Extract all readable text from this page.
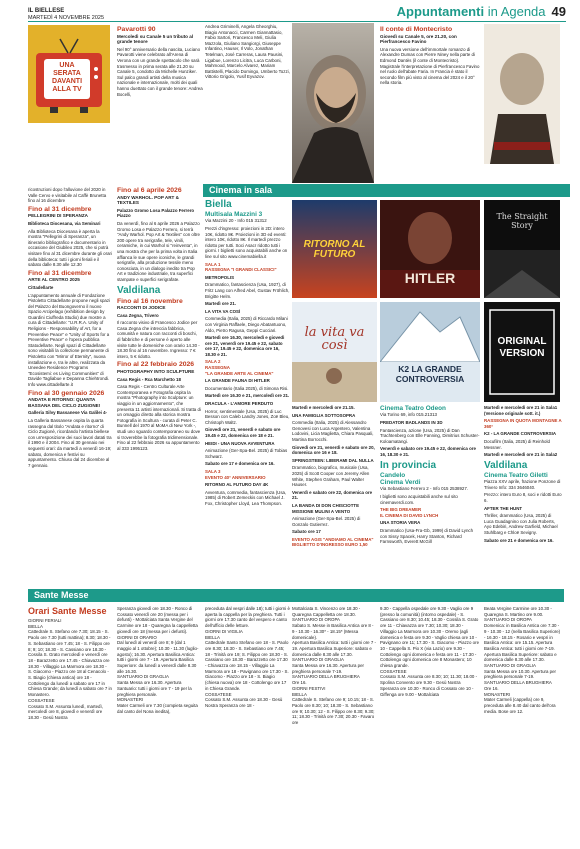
IL BIELLESE
MARTEDÌ 4 NOVEMBRE 2025	Appuntamenti in Agenda 49
UNA SERATA DAVANTI ALLA TV
Pavarotti 90

Mercoledì su Canale 5 un tributo al grande tenore

Nel 90° anniversario della nascita, Luciano Pavarotti viene celebrato all'Arena di Verona con un grande spettacolo che sarà trasmesso in prima serata alle 21.20 su Canale 5, condotto da Michelle Hunziker. Sul palco grandi artisti della musica nazionale e internazionale, molti dei quali hanno duettato con il grande tenore: Andrea Bocelli,

Andrea Griminelli, Angela Gheorghiu, Biagio Antonacci, Carmen Giannattasio, Fabio Sartori, Francesco Meli, Giulia Mazzola, Giuliano Sangiorgi, Giuseppe Infantino, Hauser, Il Volo, Jonathan Tetelman, José Carreras, Laura Pausini, Ligabue, Lorenzo Licitra, Luca Carboni, Mahmood, Marcelo Alvarez, Mariam Battistelli, Placido Domingo, Umberto Tozzi, Vittorio Grigolo, Yusif Eyvazov.

Il conte di Montecristo

Giovedì su Canale 5, ore 21.20, con Pierfrancesco Favino

Una nuova versione dell'immortale romanzo di Alexandre Dumas con Pierre Niney nella parte di Edmond Dantès (il conte di Montecristo). Magistrale l'interpretazione di Pierfrancesco Favino nel ruolo dell'abate Faria. In Francia è stato il secondo film più visto al cinema del 2024 e il 20° nella storia.

Cinema in sala

ricostruzioni dopo l'alluvione del 2020 in Valle Cervo e visitabile al Caffè Brunetta fino al 16 dicembre

Fino al 31 dicembre

PELLEGRINI DI SPERANZA

Biblioteca Diocesana, via Seminari

Alla Biblioteca Diocesana è aperta la mostra "Pellegrini di Speranza", un itinerario bibliografico e documentario in occasione del Giubileo 2025, che si potrà visitare fino al 31 dicembre durante gli orari della biblioteca: tutti i giorni feriali e il sabato dalle 8.30 alle 12.30

Fino al 31 dicembre

ARTE AL CENTRO 2025

Cittadellarte

L'appuntamento annuale di Fondazione Pistoletto Cittadellarte propone negli spazi del Palazzo del Buongoverno il nuovo Spazio Arcipelago (exhibition design by Guardini Ciuffreda Studio) due mostre a cura di Cittadellarte: "U.R.R.A. Unity of Religions - Responsability of Art, for a Preventive Peace" e "Unity of Sports for a Preventive Peace" e l'opera pubblica Statodellarte. Negli spazi di Cittadellarte sono visitabili la collezione permanente di Pistoletto con "Mirror of Eternity", nuova installazione e, tra le altre, realizzata da Uneedee Residence Programs "Ecosistemi: es Living Communities" di Davide Tagliabue e Depanna Chiehtrondi. Info www.cittadellarte.it

Fino al 30 gennaio 2026

ANDATA E RITORNO: QUANTA BASSANA DEL CICLO ZUGIONE!

Galleria Silvy Bassanese Via Galilei 4-

La Galleria Bassanese ospita la quarta rassegna dal titolo "Andata e ritorno" di Ciclo Zugionè, ricordando l'artista biellese con un'esposizione dei suoi lavori datati tra il 1990 e il 2004. Fino al 30 gennaio nei seguenti orari: da martedì a venerdì 16-19; sabato, domenica e festivi su appuntamento. Chiuso dal 24 dicembre al 7 gennaio.

Fino al 6 aprile 2026

ANDY WARHOL. POP ART & TEXTILES

Palazzo Gromo Losa Palazzo Ferrero Piazzo

Da venerdì, fino al 6 aprile 2026 a Palazzo Gromo Losa e Palazzo Ferrero, si terrà "Andy Warhol. Pop Art & Textiles" con oltre 200 opere tra serigrafie, tele, vinili, ceramiche, in cui Warhol si "reinventa", in una mostra che per la prima volta in Italia affianca le sue opere iconiche, le grandi serigrafie, alla produzione tessile meno conosciuta, in un dialogo inedito tra Pop Art e tradizione industriale, tra superfici stampate e superfici serigrafate.

Valdilana
Fino al 16 novembre

RACCONTI DI JODICE

Casa Zegna, Trivero

Il racconto visivo di Francesco Jodice per Casa Zegna che intreccia fabbrica, comunità e natura con racconti di boschi, di fabbriche e di persone è aperto alle visite tutte le domeniche con orario 14.30 - 18.30 fino al 16 novembre. Ingresso: 7 € intero, 5 € ridotto.

Fino al 22 febbraio 2026

PHOTOGRAPHY INTO SCULPTURE

Casa Regis - Rca Marchetto 18

Casa Regis - Centro Culturale Arte Contemporanea e Fotografia ospita la mostra "Photography into Sculpture: un viaggio in un aggiornamento", che presenta 11 artisti internazionali. Si tratta di un omaggio diretto alla storica mostra Fotografia in Scultura - curata di Peter C. Bunnell del 1970 al MoMA di New York -, studi uno sguardo contemporaneo su dove si troverebbe la fotografia tridimensionale. Fino al 22 febbraio 2026 su appuntamento al 333 1995123.

Biella
Multisala Mazzini 3

Via Mazzini 20 - Info 015 31312

Prezzi d'ingresso: proiezioni in 2D: intero 10€, ridotto 8€. Proiezioni in 3D ed eventi: intero 10€, ridotto 8€. Il martedì prezzo ridotto per tutti. Soci Asacr ridotto tutti i giorni. I biglietti sono acquistabili anche on line sul sito www.cinemabiella.it

SALA 1
RASSEGNA "I GRANDI CLASSICI"

METROPOLIS

Drammatico, fantascienza (Usa, 1927), di Fritz Lang con Alfred Abel, Gustav Fröhlich, Brigitte Helm.

Martedì ore 21.

LA VITA VA COSÌ

Commedia (Italia, 2025) di Riccardo Milani con Virginia Raffaele, Diego Abatantuono, Aldo, Pietro Ragusa, Geppi Cucciari.

Martedì ore 16.30, mercoledì e giovedì ore 21, venerdì ore 19.45 e 22, sabato ore 17, 19.45 e 22, domenica ore 16, 18.30 e 21.

SALA 2
RASSEGNA
"LA GRANDE ARTE AL CINEMA"

LA GRANDE FAUNA DI HITLER

Documentario (Italia 2025), di Simona Risi.

Martedì ore 16.30 e 21, mercoledì ore 21.

DRACULA - L'AMORE PERDUTO

Horror, sentimentale (Usa, 2025) di Luc Besson con Caleb Landry Jones, Zoë Bleu, Christoph Waltz.

Giovedì ore 21, venerdì e sabato ore 19.45 e 22, domenica ore 18 e 21.

HEIDI - UNA NUOVA AVVENTURA

Animazione (Ger-Spa-Bel. 2025) di Tobias Schwarz.

Sabato ore 17 e domenica ore 16.

SALA 3
EVENTO 40° ANNIVERSARIO

RITORNO AL FUTURO DAY 4K

Avventura, commedia, fantascienza (Usa, 1985) di Robert Zemeckis con Michael J. Fox, Christopher Lloyd, Lea Thompson.

RITORNO AL FUTURO
la vita va così
The Straight Story
HITLER
K2 LA GRANDE CONTROVERSIA
ORIGINAL VERSION

Martedì e mercoledì ore 21.15.

UNA FAMIGLIA SOTTOSOPRA

Commedia (Italia, 2025) di Alessandro Genovesi con Luca Argentero, Valentina Lodovini, Licia Maglietta, Chiara Pasquali, Martina Borrocchi.

Giovedì ore 21, venerdì e sabato ore 20, domenica ore 16 e 18.

SPRINGSTEEN: LIBERAMI DAL NULLA

Drammatico, biografico, musicale (Usa, 2025) di Scott Cooper con Jeremy Allen White, Stephen Graham, Paul Walter Hauser.

Venerdì e sabato ore 22, domenica ore 21.

LA BANDA DI DON CHISCIOTTE MISSIONE MULINI A VENTO

Animazione (Ger-Spa-Bel. 2025) di Gonzalo Gutierrez.

Sabato ore 17

EVENTO AGIS "ANDIAMO AL CINEMA" BIGLIETTO D'INGRESSO EURO 1,50

Cinema Teatro Odeon

Via Torino 69, info 015.21313

PREDATOR BADLANDS IN 3D

Fantascienza, azione (Usa, 2025) di Dan Trachtenberg con Elle Fanning, Dimitrius Schuster-Koloamatangi.

Venerdì e sabato ore 19.45 e 22, domenica ore 16, 18.30 e 21.

In provincia
Candelo
Cinema Verdi

Via Sebastiano Ferrero 2 - Info 015 2538927.

I biglietti sono acquistabili anche sul sito cinemaverdi.com.

THE BIG DREAMER

IL CINEMA DI DAVID LYNCH

UNA STORIA VERA

Drammatico (Usa-Fra-Gb, 1999) di David Lynch con Sissy Spacek, Harry Stanton, Richard Farnsworth, Everett McGill

Martedì e mercoledì ore 21 in Sala1 (Versione originale sott. it.)

RASSEGNA IN QUOTA MONTAGNE A 360°

K2 - LA GRANDE CONTROVERSIA

Docufilm (Italia, 2025) di Reinhold Messner.

Martedì e mercoledì ore 21 in Sala2

Valdilana
Cinema Teatro Giletti

Piazza XXV aprile, frazione Ponzone di Trivero Info: 334 3646040.

Prezzo: intero Euro 8, soci e ridotti Euro 6.

AFTER THE HUNT

Thriller, drammatico (Usa, 2025) di Luca Guadagnino con Julia Roberts, Ayo Edebiri, Andrew Garfield, Michael Stuhlbarg e Chloë Sevigny.

Sabato ore 21 e domenica ore 16.

Sante Messe
Orari Sante Messe

GIORNI FERIALI
BIELLA
Cattedrale S. Stefano ore 7.30; 18.15 - S. Paolo ore 7.30 (tutti mattina); 8.30; 18.30 - S. Sebastiano ore 7.45; 18 - S. Filippo ore 8; 9; 10; 18.30 - S. Cassiano ore 18.30 - Cossila S. Grato mercoledì e venerdì ore 18 - Barazzetto ore 17.45 - Chiavazza ore 18.30 - Villaggio La Marmora ore 18.30 - S. Giacomo - Piazzo ore 18 al Cenacolo - S. Biagio (chiesa antica) ore 18 - Cottolengo da lunedì a sabato ore 17 in Chiesa Grande; da lunedì a sabato ore 7 in Monastero.
COSSATESE
Cossato S.M. Assunta lunedì, martedì, mercoledì ore 8, giovedì e venerdì ore 18.30 - Gesù Nostra

Speranza giovedì ore 18.30 - Ronco di Cossato venerdì ore 20 (messa per i defunti) - Mottalciata Santa Vergine del Carmine ore 18 - Quaregna la cappelletta giovedì ore 18 (messa per i defunti).
GIORNI DI ORARIO
Dal lunedì al venerdì ore 8; 9 (dal 1 maggio al 1 ottobre); 10.30 - 11.30 (luglio-agosto); 16.30. Apertura Basilica Antica: tutti i giorni ore 7 - 19. Apertura Basilica Superiore: da lunedì a venerdì dalle 8.30 alle 16.30.
SANTUARIO DI GRAGLIA
Santa Messa ore 16.30. Apertura Santuario: tutti i giorni ore 7 - 19 per la preghiera personale.
MONASTERI
Mater Carmeli ore 7.30 (compieta seguita dal canto del Nona inedita),

preceduta dal vespri dalle 18); tutti i giorni è aperta la cappella per la preghiera. Tutti i giorni ore 17.30 canto del vespero e canto dell'ufficio delle letture.
GIORNI DI VIGILIA
BIELLA
Cattedrale Santo Stefano ore 18 - S. Paolo ore 8.30; 18.30 - S. Sebastiano ore 7.45; 18 - Trinità ore 19; S. Filippo ore 18.30 - S. Cassiano ore 18.30 - Barazzetto ore 17.30 - Chiavazza ore 18.15 - Villaggio La Marmora ore 18 - Pavignano ore 17.30 - S. Giacomo - Piazzo ore 18 - S. Biagio (chiesa nuova) ore 18 - Cottolengo ore 17 in Chiesa Grande.
COSSATESE
Cossato S.M. Assunta ore 18.30 - Gesù Nostra Speranza ore 18 -

Mottalciata S. Vincenzo ore 18.30 - Quaregna Cappelletta ore 18.30.
SANTUARIO DI OROPA
Sabato S. Messe in Basilica Antica ore 8 - 9 - 10.30 - 16.30* - 18.15* (Messa domenicale).
Apertura Basilica Antica: tutti i giorni ore 7 - 19. Apertura Basilica Superiore: sabato e domenica dalle 8.30 alle 17.30.
SANTUARIO DI GRAGLIA
Santa Messa ore 16.30. Apertura per preghiera personale 7-19.
SANTUARIO DELLA BRUGHIERA
Ore 16.
GIORNI FESTIVI
BIELLA
Cattedrale S. Stefano ore 9; 10.15; 18 - S. Paolo ore 8.30; 10; 18.30 - S. Sebastiano ore 9; 10.30; 12 - S. Filippo ore 8.30; 9.30; 11; 18.30 - Trinità ore 7.30; 20.30 - Favaro ore

9.30 - Cappella ospedale ore 9.30 - Vaglio ore 9 (presso la comunità) (intorno ospedale) - S. Cassiano ore 8.30; 10.45; 18.30 - Cossila S. Grato ore 11 - Chiavazza ore 7.30; 10.30; 18.30 - Villaggio La Marmora ore 10.30 - Oremo (agli domenica e festa ore 9.30 - Vaglio chiesa ore 10 - Pavignano ore 11; 17.30 - S. Giacomo - Piazzo ore 10 - Cappella S. Pio X (via Lazio) ore 9.30 - Cottolengo ogni domenica e festa ore 11 - 17.30 - Cottolengo ogni domenica ore 8 Monastero; 10 chiesa grande.
COSSATESE
Cossato S.M. Assunta ore 8.30; 10; 11.30; 18.00 - Spolina Convento ore 9.30 - Gesù Nostra Speranza ore 10.30 - Ronco di Cossato ore 10 - Giffenga ore 9.00 - Mottalciata

Beata Vergine Carmine ore 10.30 - Quaregna S. Martino ore 9.00.
SANTUARIO DI OROPA
Domenica: in Basilica Antica ore 7.30 - 9 - 10.30 - 12 (nella Basilica Superiore) - 16.30 - 18.15 - Rosario e vespri in Basilica Antica: ore 15.15. Apertura Basilica Antica: tutti i giorni ore 7-19. Apertura Basilica Superiore: sabato e domenica dalle 8.30 alle 17.30.
SANTUARIO DI GRAGLIA
Santa Messa ore 10.30. Apertura per preghiera personale 7-19.
SANTUARIO DELLA BRUGHIERA
Ore 16.
MONASTERI
Mater Carmeli (cappella) ore 9, preceduta alle 8.40 dal canto dell'ora media. Bose ore 12.
